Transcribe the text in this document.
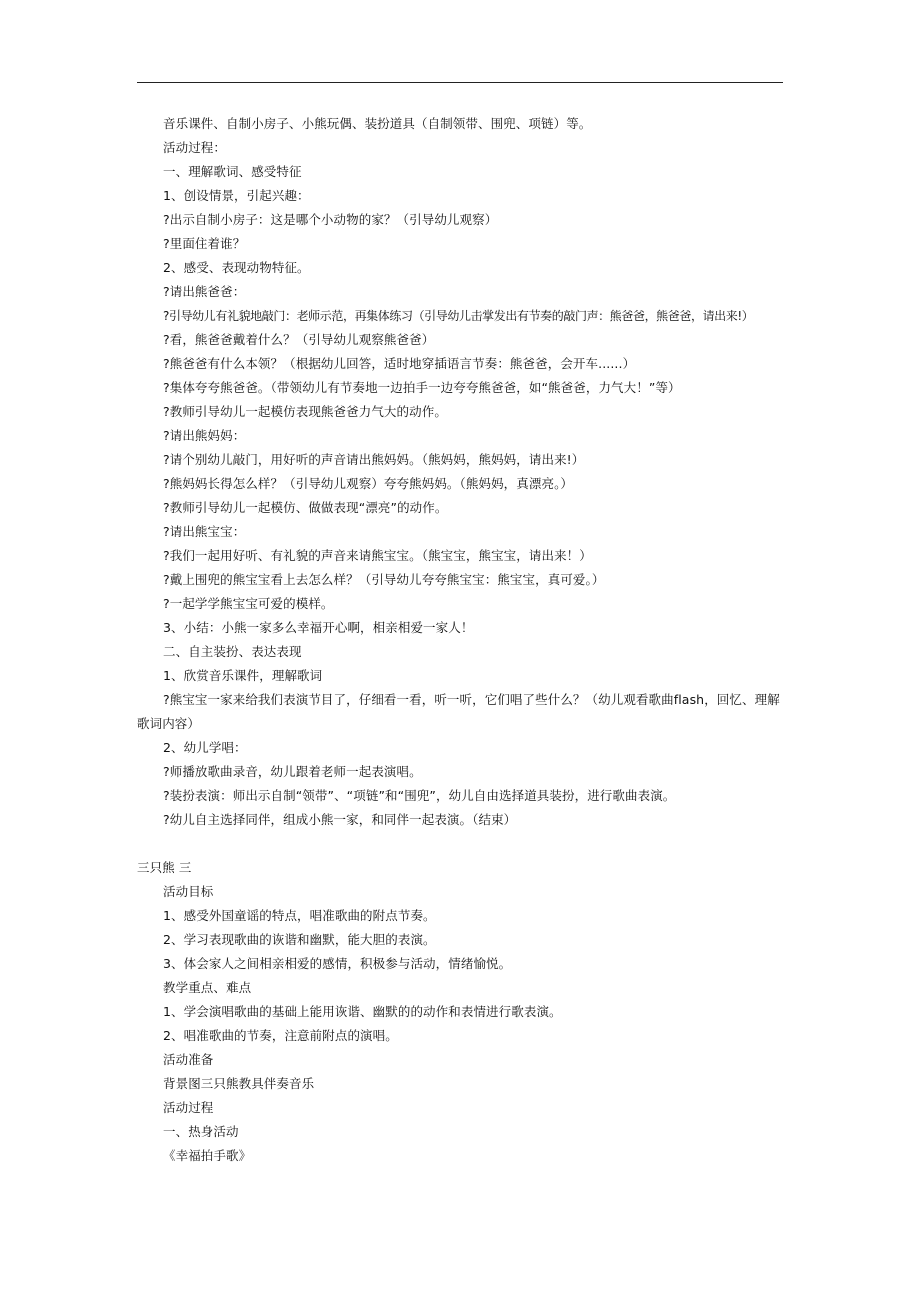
音乐课件、自制小房子、小熊玩偶、装扮道具（自制领带、围兜、项链）等。
活动过程：
一、理解歌词、感受特征
1、创设情景，引起兴趣：
?出示自制小房子：这是哪个小动物的家？（引导幼儿观察）
?里面住着谁？
2、感受、表现动物特征。
?请出熊爸爸：
?引导幼儿有礼貌地敲门：老师示范，再集体练习（引导幼儿击掌发出有节奏的敲门声：熊爸爸，熊爸爸，请出来!）
?看，熊爸爸戴着什么？（引导幼儿观察熊爸爸）
?熊爸爸有什么本领？（根据幼儿回答，适时地穿插语言节奏：熊爸爸，会开车......）
?集体夸夸熊爸爸。（带领幼儿有节奏地一边拍手一边夸夸熊爸爸，如“熊爸爸，力气大！”等）
?教师引导幼儿一起模仿表现熊爸爸力气大的动作。
?请出熊妈妈：
?请个别幼儿敲门，用好听的声音请出熊妈妈。（熊妈妈，熊妈妈，请出来!）
?熊妈妈长得怎么样？（引导幼儿观察）夸夸熊妈妈。（熊妈妈，真漂亮。）
?教师引导幼儿一起模仿、做做表现“漂亮”的动作。
?请出熊宝宝：
?我们一起用好听、有礼貌的声音来请熊宝宝。（熊宝宝，熊宝宝，请出来！）
?戴上围兜的熊宝宝看上去怎么样？（引导幼儿夸夸熊宝宝：熊宝宝，真可爱。）
?一起学学熊宝宝可爱的模样。
3、小结：小熊一家多么幸福开心啊，相亲相爱一家人！
二、自主装扮、表达表现
1、欣赏音乐课件，理解歌词
?熊宝宝一家来给我们表演节目了，仔细看一看，听一听，它们唱了些什么？（幼儿观看歌曲flash，回忆、理解歌词内容）
2、幼儿学唱：
?师播放歌曲录音，幼儿跟着老师一起表演唱。
?装扮表演：师出示自制“领带”、“项链”和“围兜”，幼儿自由选择道具装扮，进行歌曲表演。
?幼儿自主选择同伴，组成小熊一家，和同伴一起表演。（结束）
三只熊 三
活动目标
1、感受外国童谣的特点，唱准歌曲的附点节奏。
2、学习表现歌曲的诙谐和幽默，能大胆的表演。
3、体会家人之间相亲相爱的感情，积极参与活动，情绪愉悦。
教学重点、难点
1、学会演唱歌曲的基础上能用诙谐、幽默的的动作和表情进行歌表演。
2、唱准歌曲的节奏，注意前附点的演唱。
活动准备
背景图三只熊教具伴奏音乐
活动过程
一、热身活动
《幸福拍手歌》
